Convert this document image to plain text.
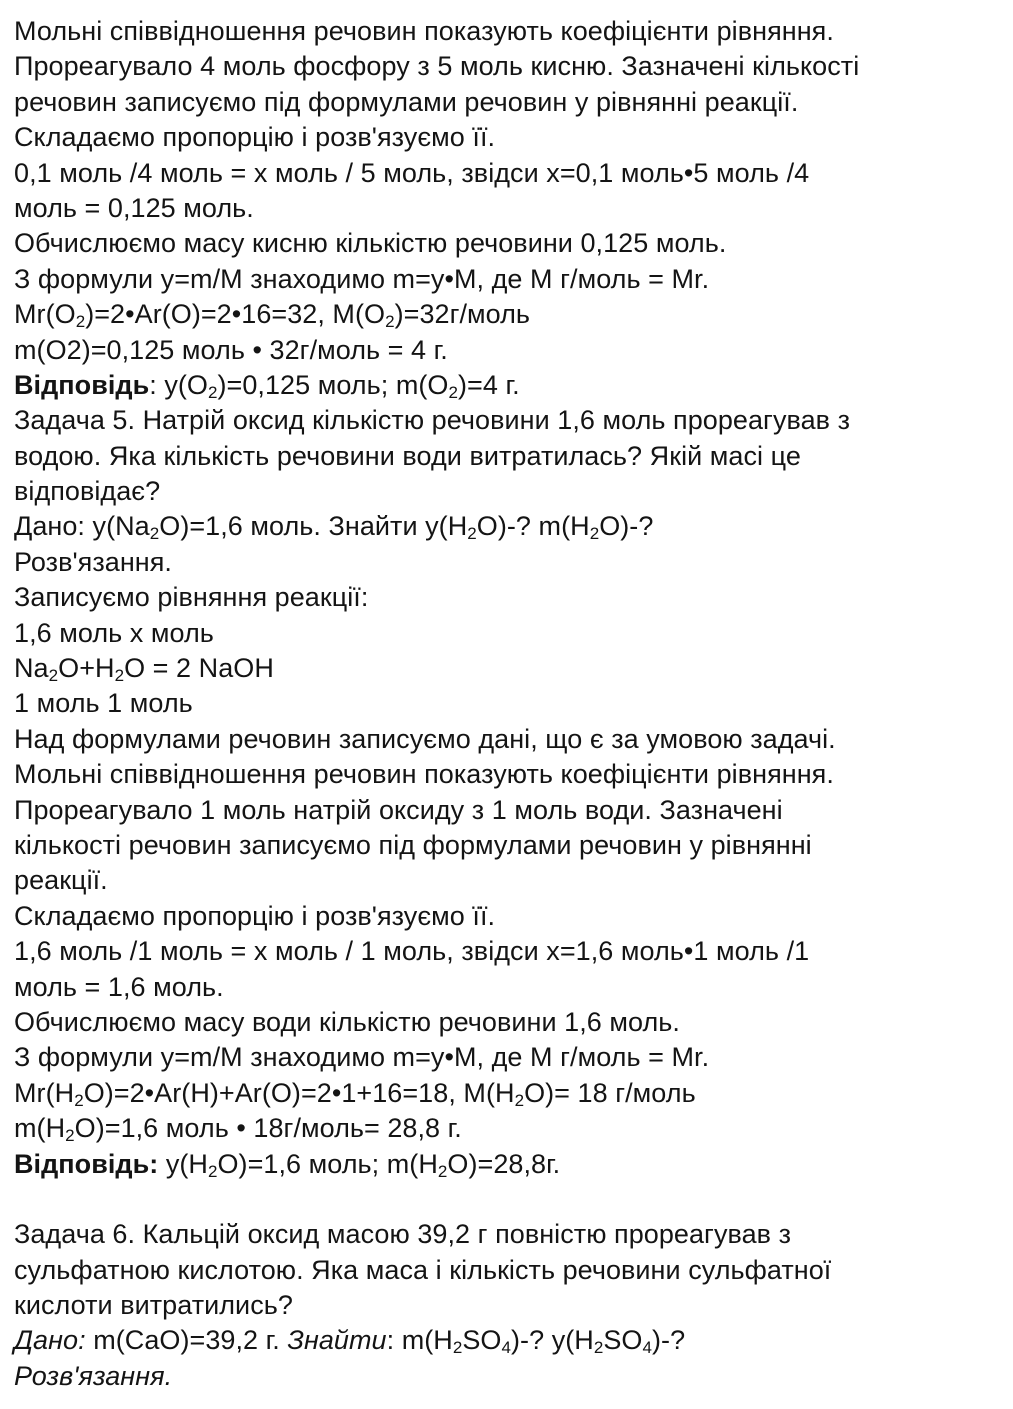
Мольні співвідношення речовин показують коефіцієнти рівняння.
Прореагувало 4 моль фосфору з 5 моль кисню. Зазначені кількості
речовин записуємо під формулами речовин у рівнянні реакції.
Складаємо пропорцію і розв'язуємо її.
0,1 моль /4 моль = х моль / 5 моль, звідси х=0,1 моль•5 моль /4
моль = 0,125 моль.
Обчислюємо масу кисню кількістю речовини 0,125 моль.
З формули y=m/M знаходимо m=y•M, де M г/моль = Mr.
$Mr(O_2)=2•Ar(O)=2•16=32$, $M(O_2)=32г$/моль
m(O2)=0,125 моль • 32г/моль = 4 г.
Відповідь: $y(O_2)=0,125$ моль; $m(O_2)=4$ г.
Задача 5. Натрій оксид кількістю речовини 1,6 моль прореагував з
водою. Яка кількість речовини води витратилась? Якій масі це
відповідає?
Дано: $y(Na_2O)=1,6$ моль. Знайти $y(H_2O)-$? $m(H_2O)-$?
Розв'язання.
Записуємо рівняння реакції:
1,6 моль х моль
$Na_2O+H_2O = 2$ NaOH
1 моль 1 моль
Над формулами речовин записуємо дані, що є за умовою задачі.
Мольні співвідношення речовин показують коефіцієнти рівняння.
Прореагувало 1 моль натрій оксиду з 1 моль води. Зазначені
кількості речовин записуємо під формулами речовин у рівнянні
реакції.
Складаємо пропорцію і розв'язуємо її.
1,6 моль /1 моль = х моль / 1 моль, звідси х=1,6 моль•1 моль /1
моль = 1,6 моль.
Обчислюємо масу води кількістю речовини 1,6 моль.
З формули y=m/M знаходимо m=y•M, де M г/моль = Mr.
$Mr(H_2O)=2•Ar(H)+Ar(O)=2•1+16=18$, $M(H_2O)= 18$ г/моль
$m(H_2O)=1,6$ моль • 18г/моль= 28,8 г.
Відповідь: $y(H_2O)=1,6$ моль; $m(H_2O)=28,8г$.
Задача 6. Кальцій оксид масою 39,2 г повністю прореагував з
сульфатною кислотою. Яка маса і кількість речовини сульфатної
кислоти витратились?
Дано: m(CaO)=39,2 г. Знайти: $m(H_2SO_4)-$? $y(H_2SO_4)-$?
Розв'язання.
